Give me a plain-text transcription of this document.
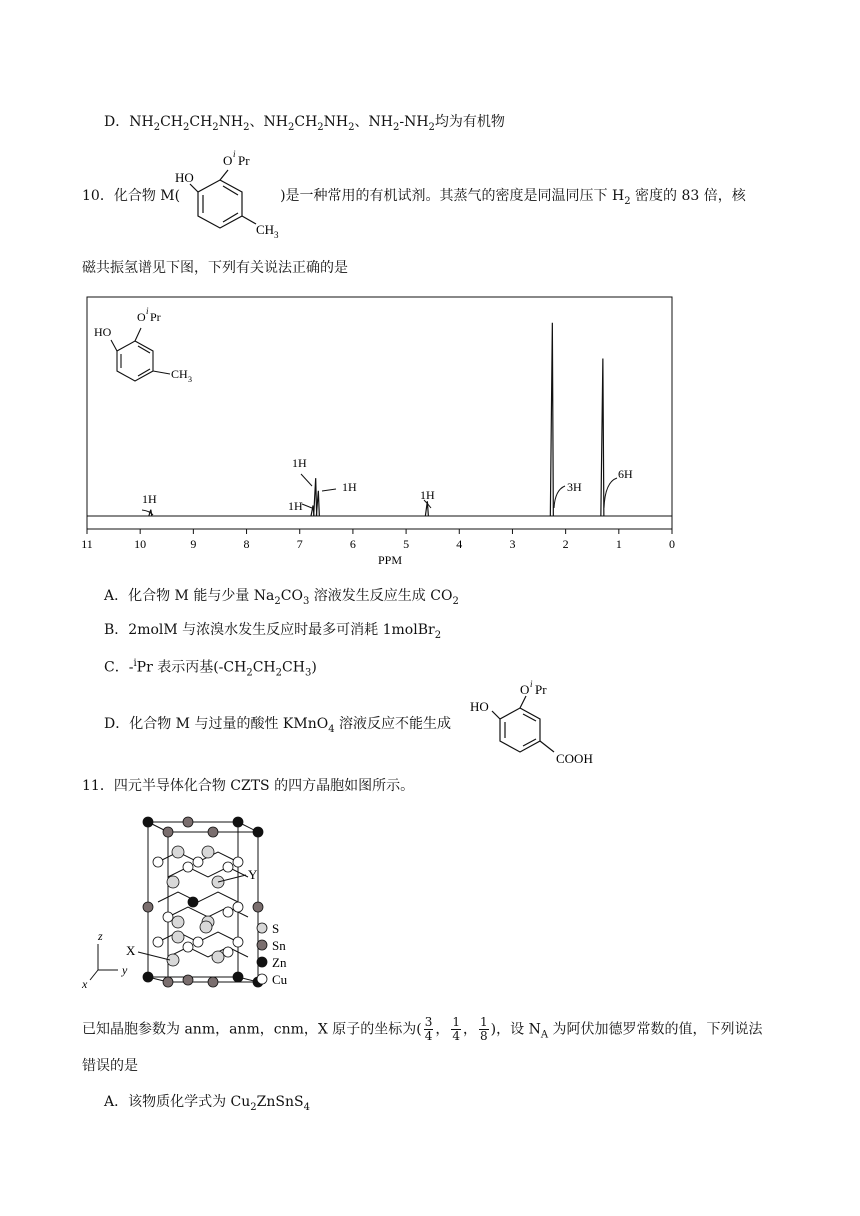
D．$NH_2CH_2CH_2NH_2$、$NH_2CH_2NH_2$、$NH_2-NH_2$均为有机物
10．化合物 M(	)是一种常用的有机试剂。其蒸气的密度是同温同压下 $H_2$ 密度的 83 倍，核
HO
O i Pr
CH 3
磁共振氢谱见下图，下列有关说法正确的是
11	10	9	8	7	6	5	4	3	2	1	0
PPM
HO
O i Pr
CH 3
1H
1H
1H
1H
1H
3H
6H
A．化合物 M 能与少量 $Na_2CO_3$ 溶液发生反应生成 $CO_2$
B．2molM 与浓溴水发生反应时最多可消耗 1molBr$_2$
C．-$^i$Pr 表示丙基$(-CH_2CH_2CH_3)$
D．化合物 M 与过量的酸性 KMnO$_4$ 溶液反应不能生成
HO
O i Pr
COOH
11．四元半导体化合物 CZTS 的四方晶胞如图所示。
z
y
x
X
Y
S
Sn
Zn
Cu
已知晶胞参数为 anm，anm，cnm，X 原子的坐标为( $\frac{3}{4}$ ， $\frac{1}{4}$ ， $\frac{1}{8}$ )，设 $N_A$ 为阿伏加德罗常数的值，下列说法
错误的是
A．该物质化学式为 $Cu_2ZnSnS_4$
